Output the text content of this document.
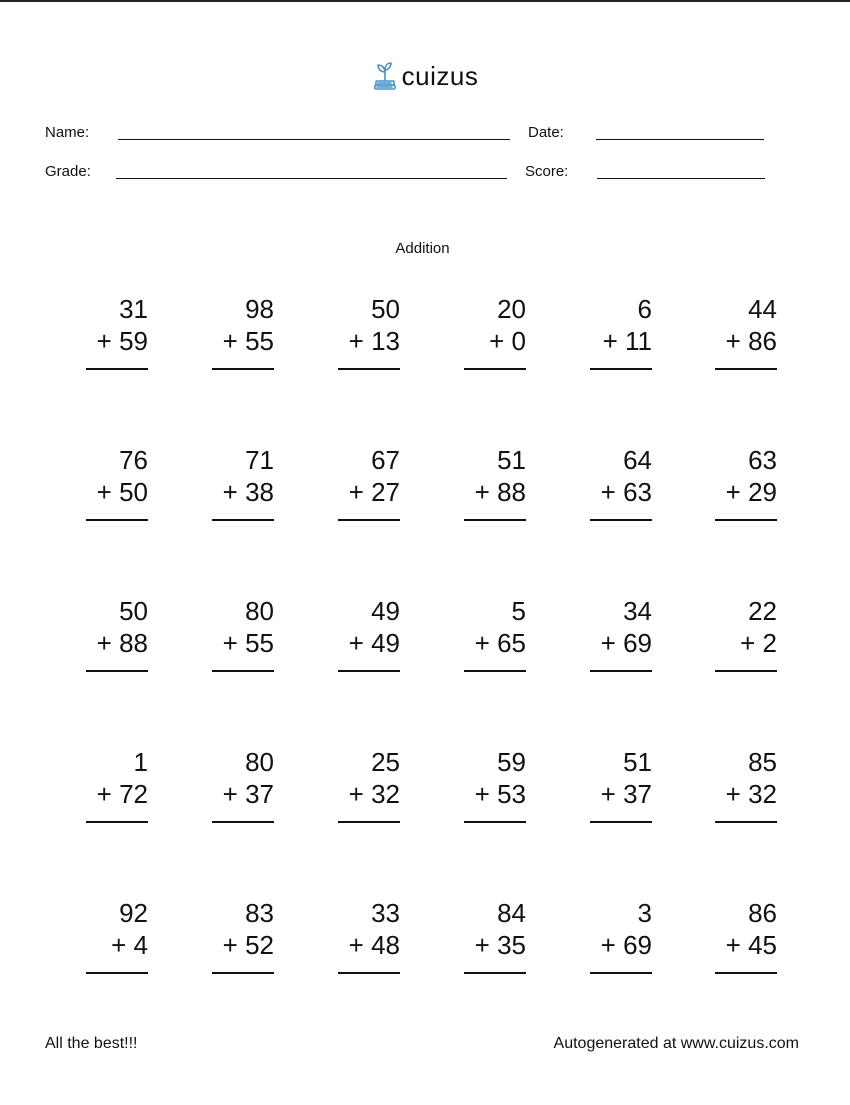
cuizus
Name:	Date:
Grade:	Score:
Addition
31
+ 59
98
+ 55
50
+ 13
20
+ 0
6
+ 11
44
+ 86
76
+ 50
71
+ 38
67
+ 27
51
+ 88
64
+ 63
63
+ 29
50
+ 88
80
+ 55
49
+ 49
5
+ 65
34
+ 69
22
+ 2
1
+ 72
80
+ 37
25
+ 32
59
+ 53
51
+ 37
85
+ 32
92
+ 4
83
+ 52
33
+ 48
84
+ 35
3
+ 69
86
+ 45
All the best!!!	Autogenerated at www.cuizus.com
